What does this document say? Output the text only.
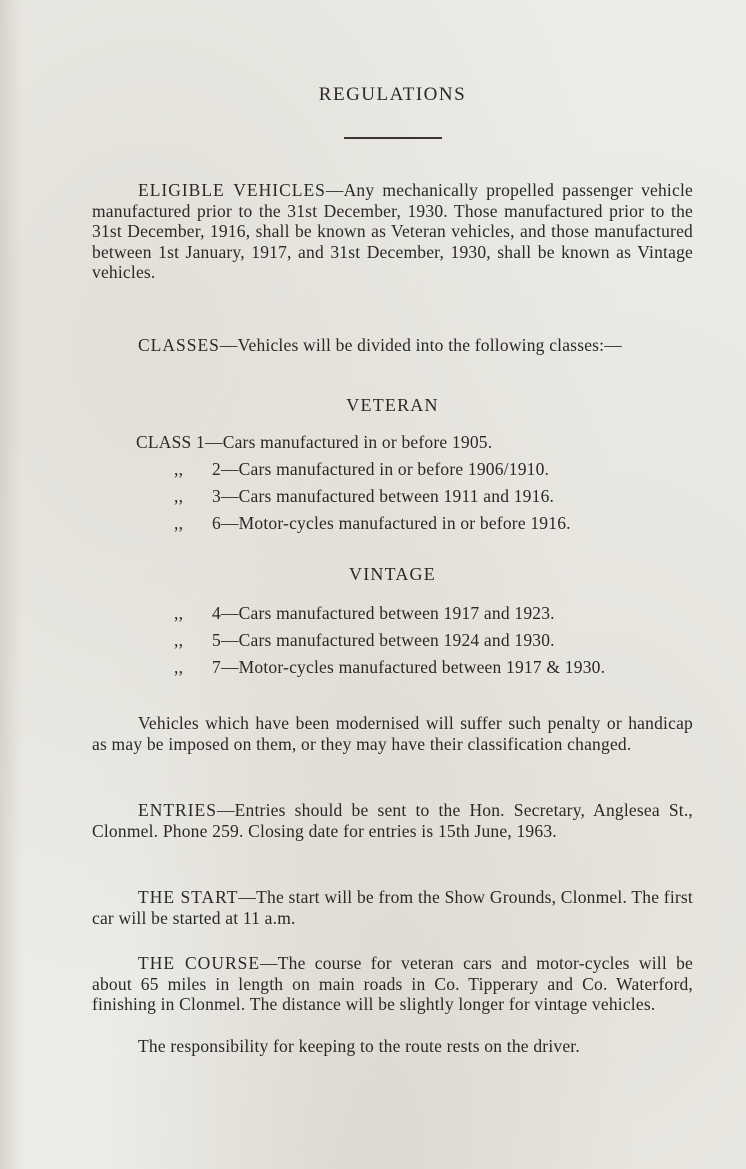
REGULATIONS
ELIGIBLE VEHICLES—Any mechanically propelled passenger vehicle manufactured prior to the 31st December, 1930. Those manufactured prior to the 31st December, 1916, shall be known as Veteran vehicles, and those manufactured between 1st January, 1917, and 31st December, 1930, shall be known as Vintage vehicles.
CLASSES—Vehicles will be divided into the following classes:—
VETERAN
CLASS 1—Cars manufactured in or before 1905.
,, 2—Cars manufactured in or before 1906/1910.
,, 3—Cars manufactured between 1911 and 1916.
,, 6—Motor-cycles manufactured in or before 1916.
VINTAGE
,, 4—Cars manufactured between 1917 and 1923.
,, 5—Cars manufactured between 1924 and 1930.
,, 7—Motor-cycles manufactured between 1917 & 1930.
Vehicles which have been modernised will suffer such penalty or handicap as may be imposed on them, or they may have their classification changed.
ENTRIES—Entries should be sent to the Hon. Secretary, Anglesea St., Clonmel. Phone 259. Closing date for entries is 15th June, 1963.
THE START—The start will be from the Show Grounds, Clonmel. The first car will be started at 11 a.m.
THE COURSE—The course for veteran cars and motor-cycles will be about 65 miles in length on main roads in Co. Tipperary and Co. Waterford, finishing in Clonmel. The distance will be slightly longer for vintage vehicles.
The responsibility for keeping to the route rests on the driver.
